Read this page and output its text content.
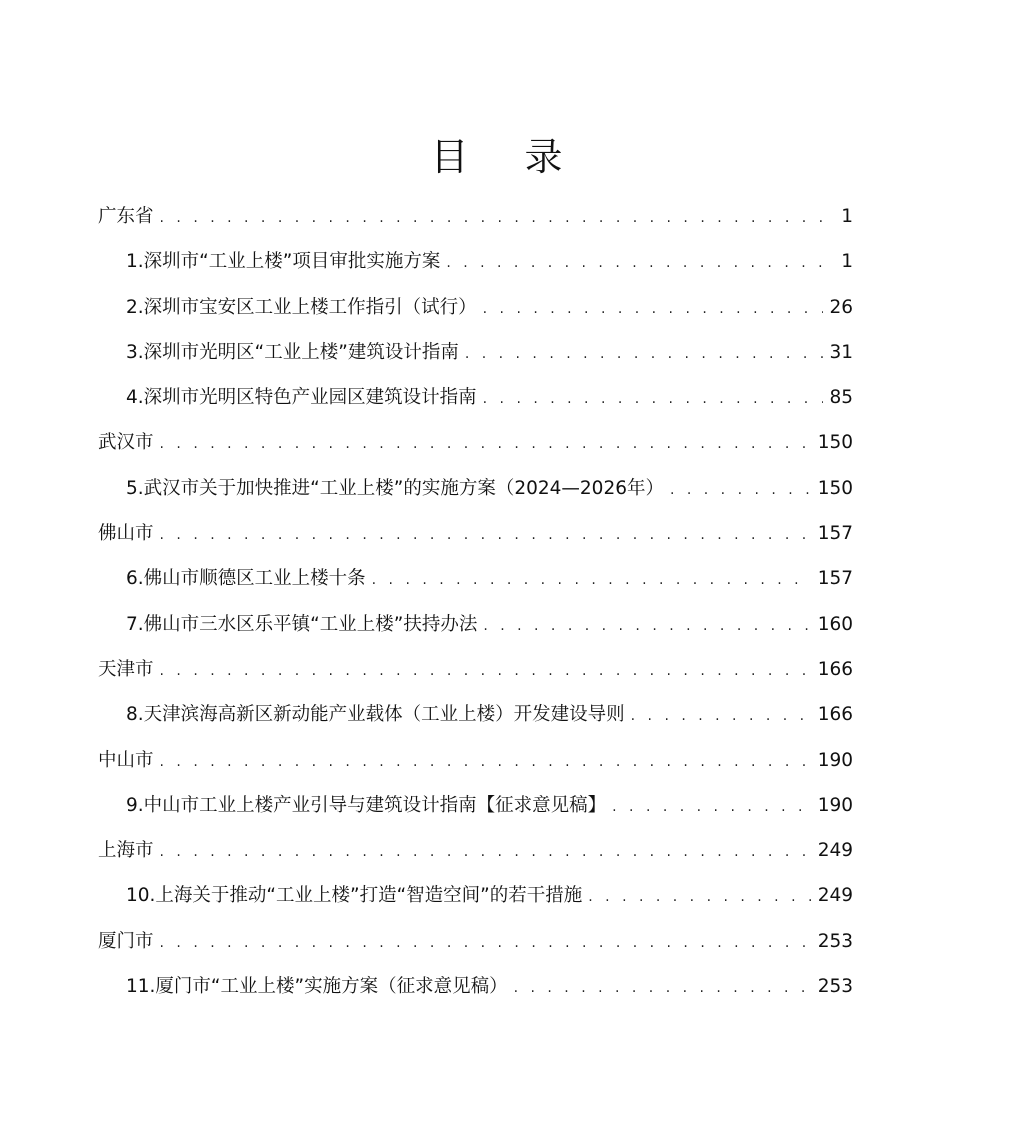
目 录
广东省 . . .	1
1.深圳市“工业上楼”项目审批实施方案 . . .	1
2.深圳市宝安区工业上楼工作指引（试行） . . .	26
3.深圳市光明区“工业上楼”建筑设计指南 . . .	31
4.深圳市光明区特色产业园区建筑设计指南 . . .	85
武汉市 . . .	150
5.武汉市关于加快推进“工业上楼”的实施方案（2024—2026年） . . .	150
佛山市 . . .	157
6.佛山市顺德区工业上楼十条 . . .	157
7.佛山市三水区乐平镇“工业上楼”扶持办法 . . .	160
天津市 . . .	166
8.天津滨海高新区新动能产业载体（工业上楼）开发建设导则 . . .	166
中山市 . . .	190
9.中山市工业上楼产业引导与建筑设计指南【征求意见稿】 . . .	190
上海市 . . .	249
10.上海关于推动“工业上楼”打造“智造空间”的若干措施 . . .	249
厦门市 . . .	253
11.厦门市“工业上楼”实施方案（征求意见稿） . . .	253
